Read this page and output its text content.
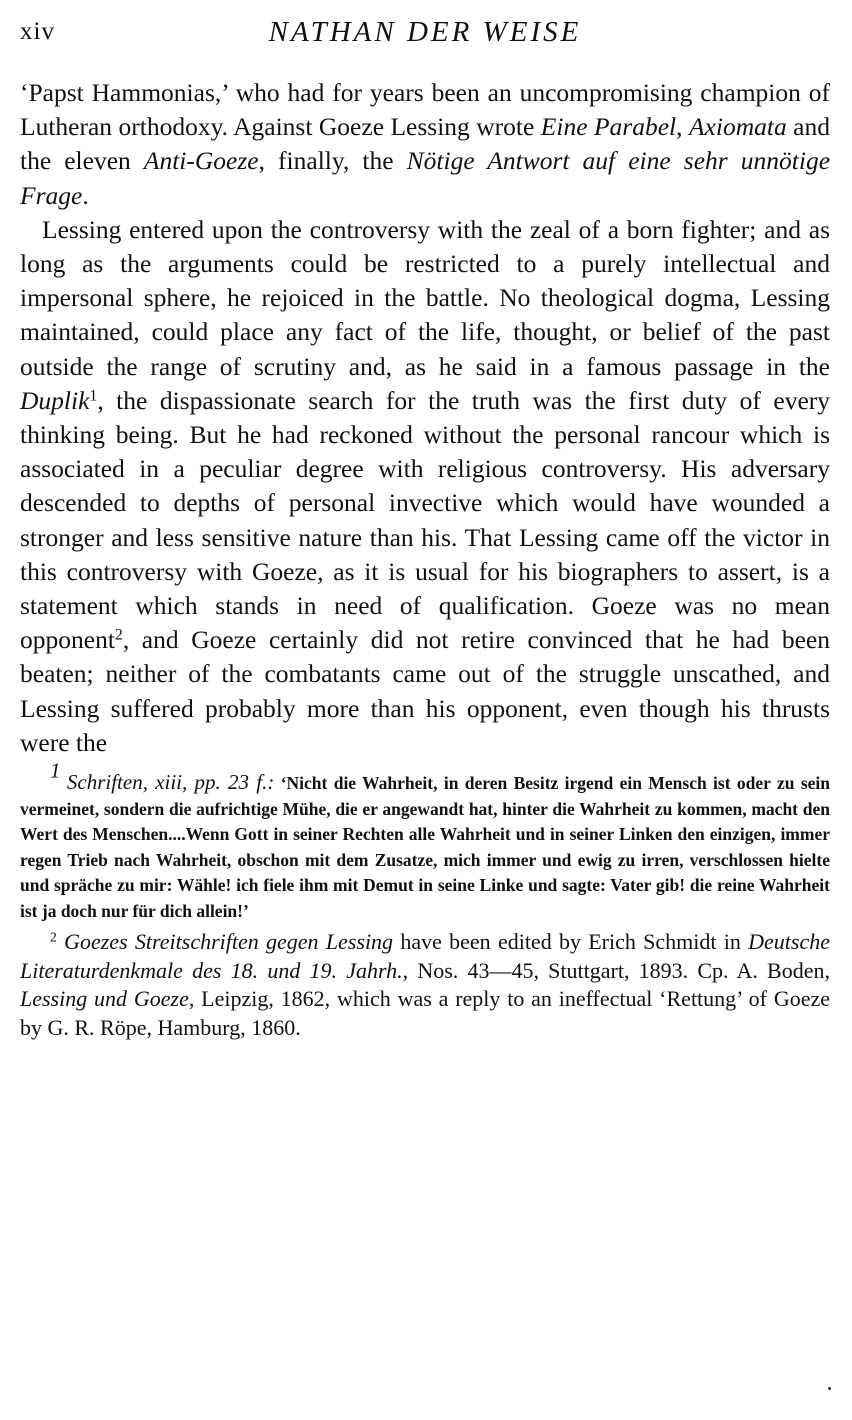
xiv	NATHAN DER WEISE

‘Papst Hammonias,’ who had for years been an uncompromising champion of Lutheran orthodoxy. Against Goeze Lessing wrote Eine Parabel, Axiomata and the eleven Anti-Goeze, finally, the Nötige Antwort auf eine sehr unnötige Frage.

Lessing entered upon the controversy with the zeal of a born fighter; and as long as the arguments could be restricted to a purely intellectual and impersonal sphere, he rejoiced in the battle. No theological dogma, Lessing maintained, could place any fact of the life, thought, or belief of the past outside the range of scrutiny and, as he said in a famous passage in the Duplik$^1$, the dispassionate search for the truth was the first duty of every thinking being. But he had reckoned without the personal rancour which is associated in a peculiar degree with religious controversy. His adversary descended to depths of personal invective which would have wounded a stronger and less sensitive nature than his. That Lessing came off the victor in this controversy with Goeze, as it is usual for his biographers to assert, is a statement which stands in need of qualification. Goeze was no mean opponent$^2$, and Goeze certainly did not retire convinced that he had been beaten; neither of the combatants came out of the struggle unscathed, and Lessing suffered probably more than his opponent, even though his thrusts were the

$^1$ Schriften, xiii, pp. 23 f.: ‘Nicht die Wahrheit, in deren Besitz irgend ein Mensch ist oder zu sein vermeinet, sondern die aufrichtige Mühe, die er angewandt hat, hinter die Wahrheit zu kommen, macht den Wert des Menschen....Wenn Gott in seiner Rechten alle Wahrheit und in seiner Linken den einzigen, immer regen Trieb nach Wahrheit, obschon mit dem Zusatze, mich immer und ewig zu irren, verschlossen hielte und spräche zu mir: Wähle! ich fiele ihm mit Demut in seine Linke und sagte: Vater gib! die reine Wahrheit ist ja doch nur für dich allein!’
$^2$ Goezes Streitschriften gegen Lessing have been edited by Erich Schmidt in Deutsche Literaturdenkmale des 18. und 19. Jahrh., Nos. 43—45, Stuttgart, 1893. Cp. A. Boden, Lessing und Goeze, Leipzig, 1862, which was a reply to an ineffectual ‘Rettung’ of Goeze by G. R. Röpe, Hamburg, 1860.
